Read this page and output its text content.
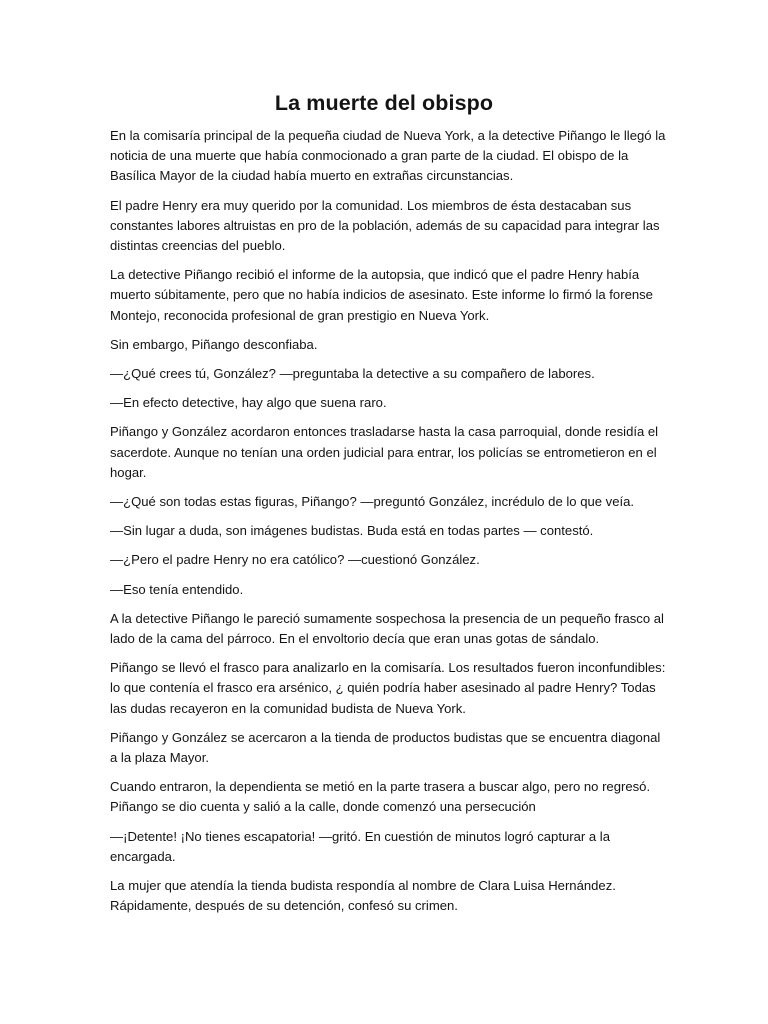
La muerte del obispo

En la comisaría principal de la pequeña ciudad de Nueva York, a la detective Piñango le llegó la noticia de una muerte que había conmocionado a gran parte de la ciudad. El obispo de la Basílica Mayor de la ciudad había muerto en extrañas circunstancias.

El padre Henry era muy querido por la comunidad. Los miembros de ésta destacaban sus constantes labores altruistas en pro de la población, además de su capacidad para integrar las distintas creencias del pueblo.

La detective Piñango recibió el informe de la autopsia, que indicó que el padre Henry había muerto súbitamente, pero que no había indicios de asesinato. Este informe lo firmó la forense Montejo, reconocida profesional de gran prestigio en Nueva York.

Sin embargo, Piñango desconfiaba.

—¿Qué crees tú, González? —preguntaba la detective a su compañero de labores.

—En efecto detective, hay algo que suena raro.

Piñango y González acordaron entonces trasladarse hasta la casa parroquial, donde residía el sacerdote. Aunque no tenían una orden judicial para entrar, los policías se entrometieron en el hogar.

—¿Qué son todas estas figuras, Piñango? —preguntó González, incrédulo de lo que veía.

—Sin lugar a duda, son imágenes budistas. Buda está en todas partes — contestó.

—¿Pero el padre Henry no era católico? —cuestionó González.

—Eso tenía entendido.

A la detective Piñango le pareció sumamente sospechosa la presencia de un pequeño frasco al lado de la cama del párroco. En el envoltorio decía que eran unas gotas de sándalo.

Piñango se llevó el frasco para analizarlo en la comisaría. Los resultados fueron inconfundibles: lo que contenía el frasco era arsénico, ¿ quién podría haber asesinado al padre Henry? Todas las dudas recayeron en la comunidad budista de Nueva York.

Piñango y González se acercaron a la tienda de productos budistas que se encuentra diagonal a la plaza Mayor.

Cuando entraron, la dependienta se metió en la parte trasera a buscar algo, pero no regresó. Piñango se dio cuenta y salió a la calle, donde comenzó una persecución

—¡Detente! ¡No tienes escapatoria! —gritó. En cuestión de minutos logró capturar a la encargada.

La mujer que atendía la tienda budista respondía al nombre de Clara Luisa Hernández. Rápidamente, después de su detención, confesó su crimen.
